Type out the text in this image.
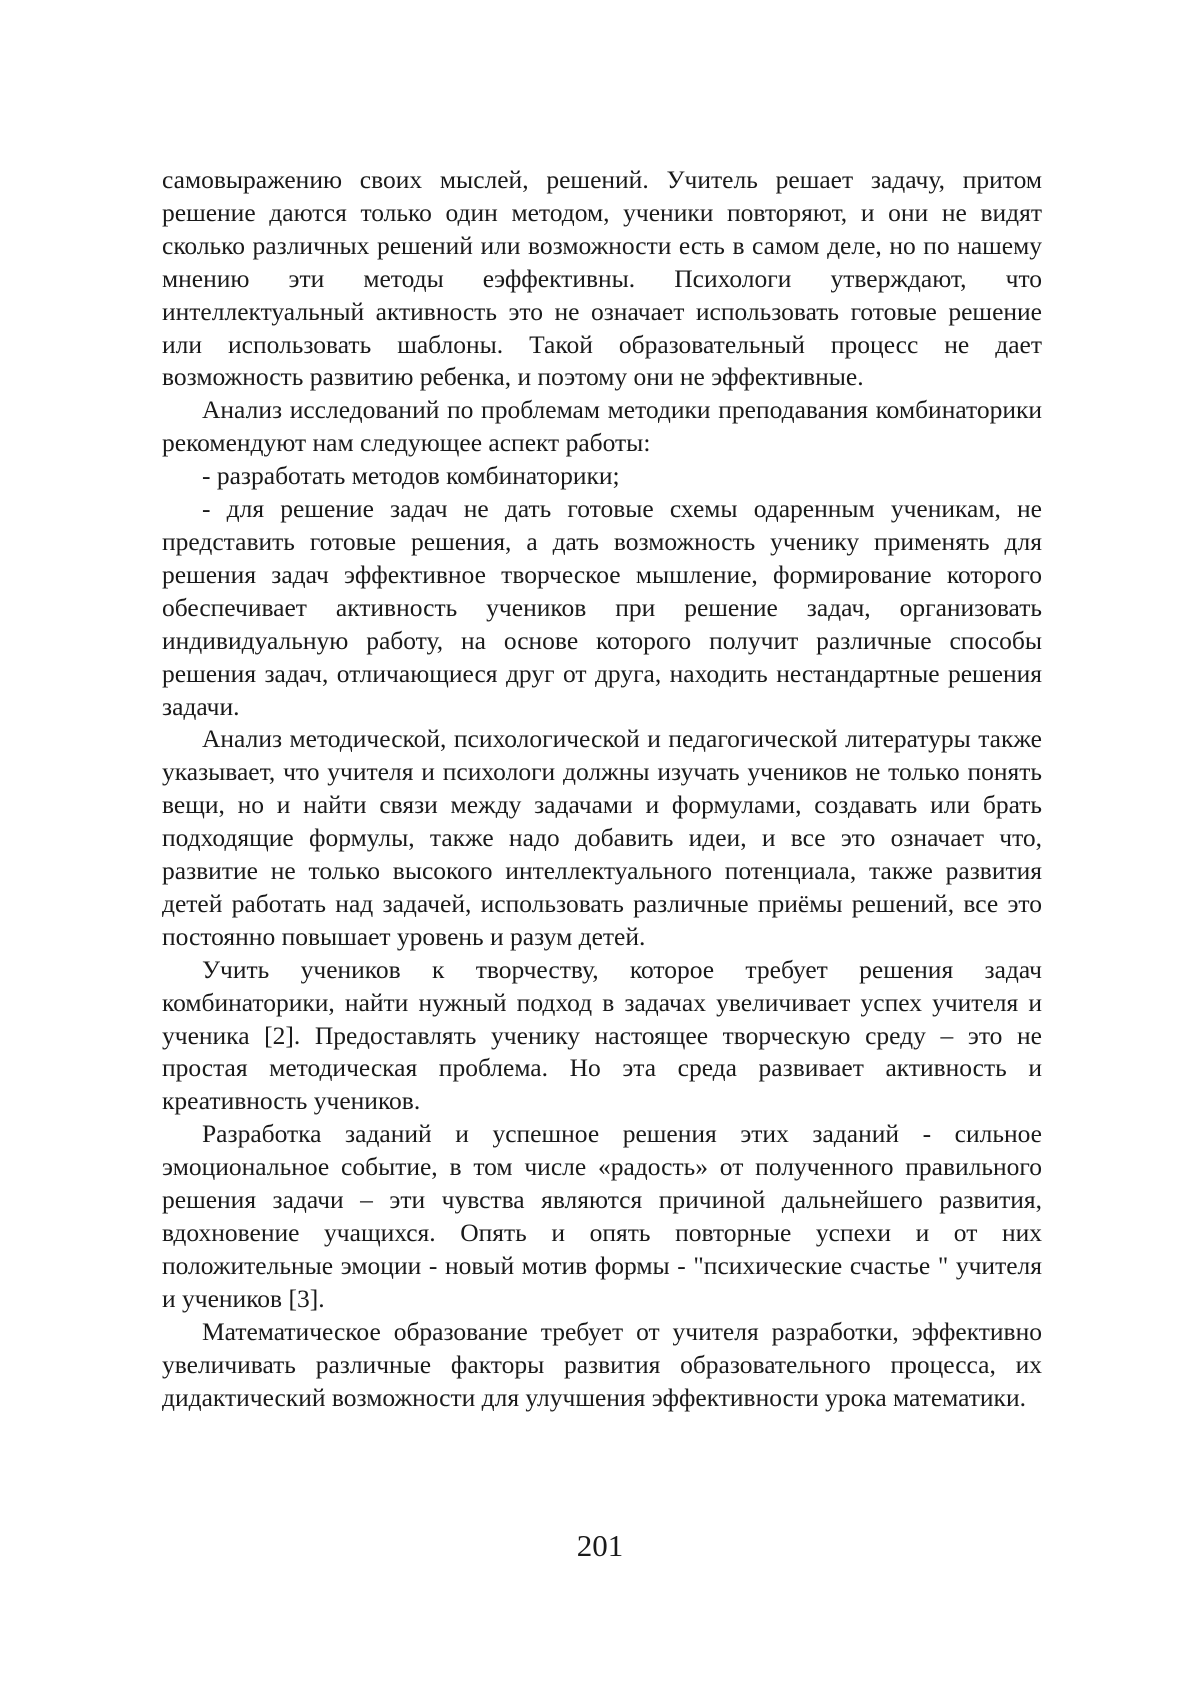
самовыражению своих мыслей, решений. Учитель решает задачу, притом решение даются только один методом, ученики повторяют, и они не видят сколько различных решений или возможности есть в самом деле, но по нашему мнению эти методы еэффективны. Психологи утверждают, что интеллектуальный активность это не означает использовать готовые решение или использовать шаблоны. Такой образовательный процесс не дает возможность развитию ребенка, и поэтому они не эффективные.

Анализ исследований по проблемам методики преподавания комбинаторики рекомендуют нам следующее аспект работы:

- разработать методов комбинаторики;

- для решение задач не дать готовые схемы одаренным ученикам, не представить готовые решения, а дать возможность ученику применять для решения задач эффективное творческое мышление, формирование которого обеспечивает активность учеников при решение задач, организовать индивидуальную работу, на основе которого получит различные способы решения задач, отличающиеся друг от друга, находить нестандартные решения задачи.

Анализ методической, психологической и педагогической литературы также указывает, что учителя и психологи должны изучать учеников не только понять вещи, но и найти связи между задачами и формулами, создавать или брать подходящие формулы, также надо добавить идеи, и все это означает что, развитие не только высокого интеллектуального потенциала, также развития детей работать над задачей, использовать различные приёмы решений, все это постоянно повышает уровень и разум детей.

Учить учеников к творчеству, которое требует решения задач комбинаторики, найти нужный подход в задачах увеличивает успех учителя и ученика [2]. Предоставлять ученику настоящее творческую среду – это не простая методическая проблема. Но эта среда развивает активность и креативность учеников.

Разработка заданий и успешное решения этих заданий - сильное эмоциональное событие, в том числе «радость» от полученного правильного решения задачи – эти чувства являются причиной дальнейшего развития, вдохновение учащихся. Опять и опять повторные успехи и от них положительные эмоции - новый мотив формы - "психические счастье " учителя и учеников [3].

Математическое образование требует от учителя разработки, эффективно увеличивать различные факторы развития образовательного процесса, их дидактический возможности для улучшения эффективности урока математики.

201
